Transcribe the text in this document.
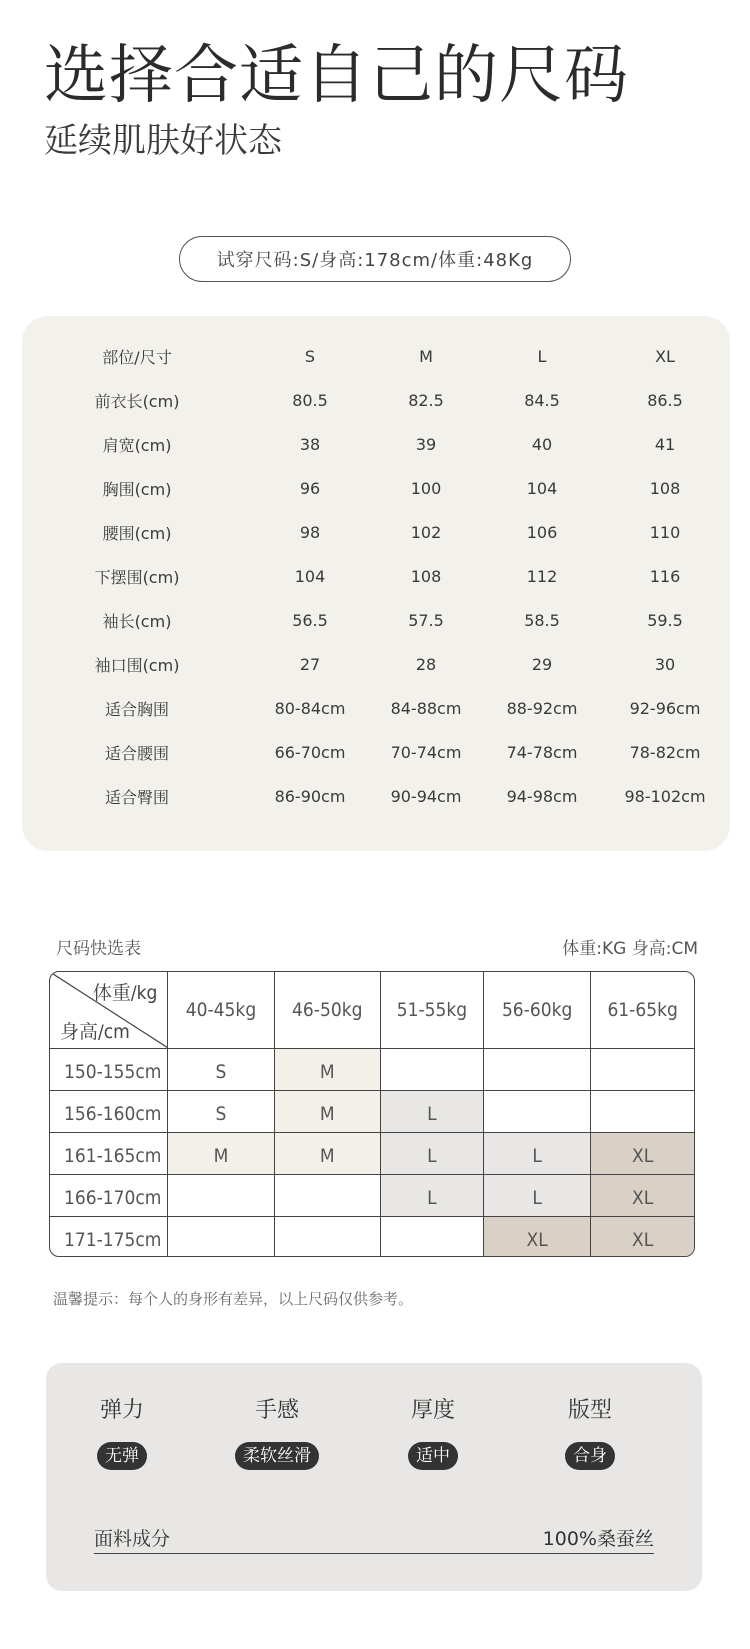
选择合适自己的尺码
延续肌肤好状态
试穿尺码:S/身高:178cm/体重:48Kg
部位/尺寸	S	M	L	XL
前衣长(cm)	80.5	82.5	84.5	86.5
肩宽(cm)	38	39	40	41
胸围(cm)	96	100	104	108
腰围(cm)	98	102	106	110
下摆围(cm)	104	108	112	116
袖长(cm)	56.5	57.5	58.5	59.5
袖口围(cm)	27	28	29	30
适合胸围	80-84cm	84-88cm	88-92cm	92-96cm
适合腰围	66-70cm	70-74cm	74-78cm	78-82cm
适合臀围	86-90cm	90-94cm	94-98cm	98-102cm
尺码快选表	体重:KG 身高:CM
体重/kg
身高/cm	40-45kg	46-50kg	51-55kg	56-60kg	61-65kg
150-155cm	S	M			
156-160cm	S	M	L		
161-165cm	M	M	L	L	XL
166-170cm			L	L	XL
171-175cm				XL	XL
温馨提示：每个人的身形有差异，以上尺码仅供参考。
弹力
无弹
手感
柔软丝滑
厚度
适中
版型
合身
面料成分	100%桑蚕丝
